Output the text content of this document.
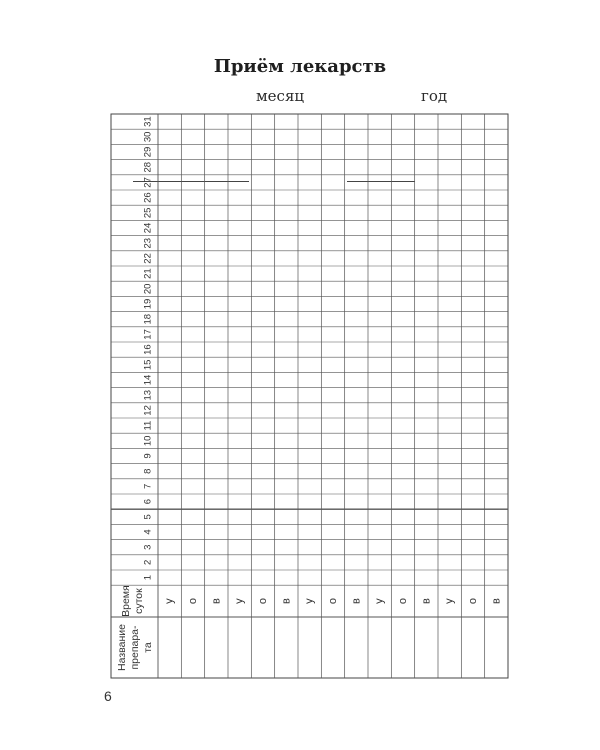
Приём лекарств
месяц	год
31
30
29
28
27
26
25
24
23
22
21
20
19
18
17
16
15
14
13
12
11
10
9
8
7
6
5
4
3
2
1
Время суток у о в у о в у о в у о в у о в
Название препара- та
6
